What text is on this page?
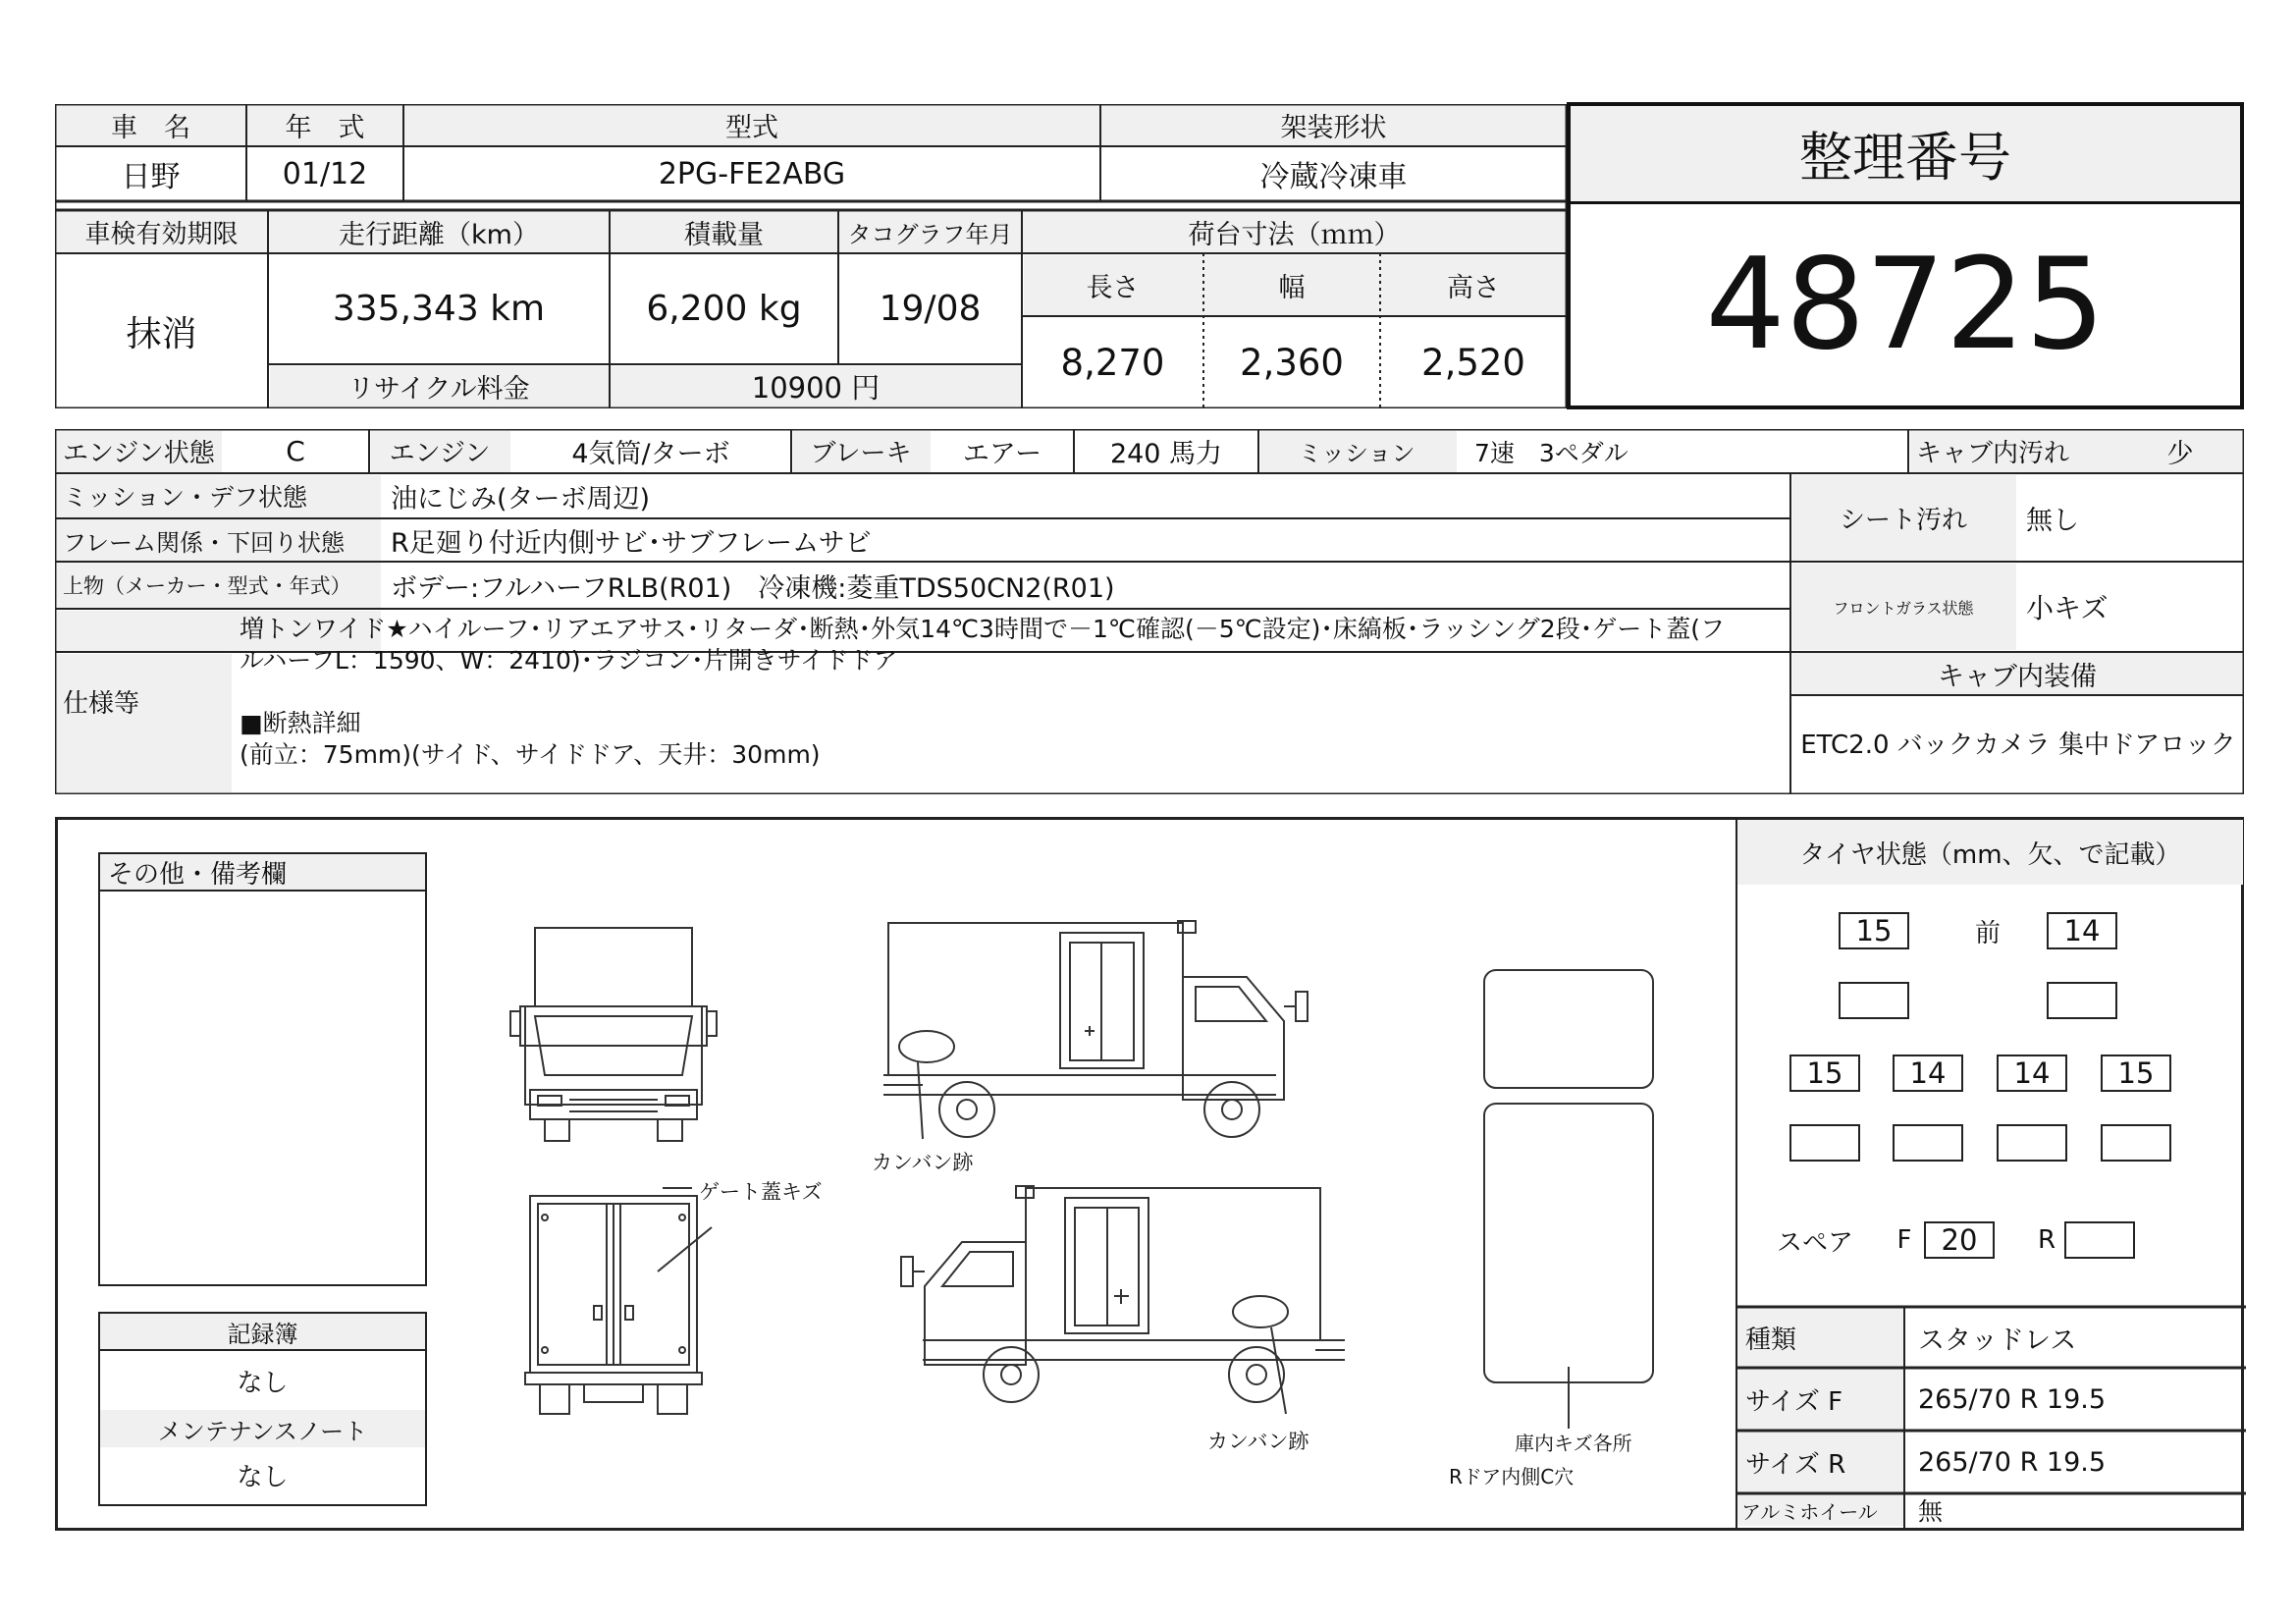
車　名	年　式	型式	架装形状
日野	01/12	2PG-FE2ABG	冷蔵冷凍車
車検有効期限	走行距離（km）	積載量	タコグラフ年月	荷台寸法（ｍｍ）
抹消
335,343 km	6,200 kg	19/08
リサイクル料金	10900 円
長さ	幅	高さ
8,270	2,360	2,520
整理番号
48725
エンジン状態	C	エンジン	4気筒/ターボ	ブレーキ	エアー	240 馬力	ミッション	7速　3ペダル	キャブ内汚れ	少
ミッション・デフ状態	油にじみ(ターボ周辺)
フレーム関係・下回り状態	R足廻り付近内側サビ･サブフレームサビ
上物（メーカー・型式・年式）	ボデー:フルハーフRLB(R01)　冷凍機:菱重TDS50CN2(R01)
仕様等
増トンワイド★ハイルーフ･リアエアサス･リターダ･断熱･外気14℃3時間で－1℃確認(－5℃設定)･床縞板･ラッシング2段･ゲート蓋(フ
ルハーフL：1590、W：2410)･ラジコン･片開きサイドドア
■断熱詳細
(前立：75mm)(サイド、サイドドア、天井：30mm)
シート汚れ	無し
フロントガラス状態	小キズ
キャブ内装備
ETC2.0 バックカメラ 集中ドアロック
その他・備考欄
記録簿
なし
メンテナンスノート
なし
ゲート蓋キズ
カンバン跡
カンバン跡	庫内キズ各所
Rドア内側C穴
タイヤ状態（mm、欠、で記載）
15	前	14
15	14	14	15
スペア	F	20	R
種類	スタッドレス
サイズ F	265/70 R 19.5
サイズ R	265/70 R 19.5
アルミホイール	無
